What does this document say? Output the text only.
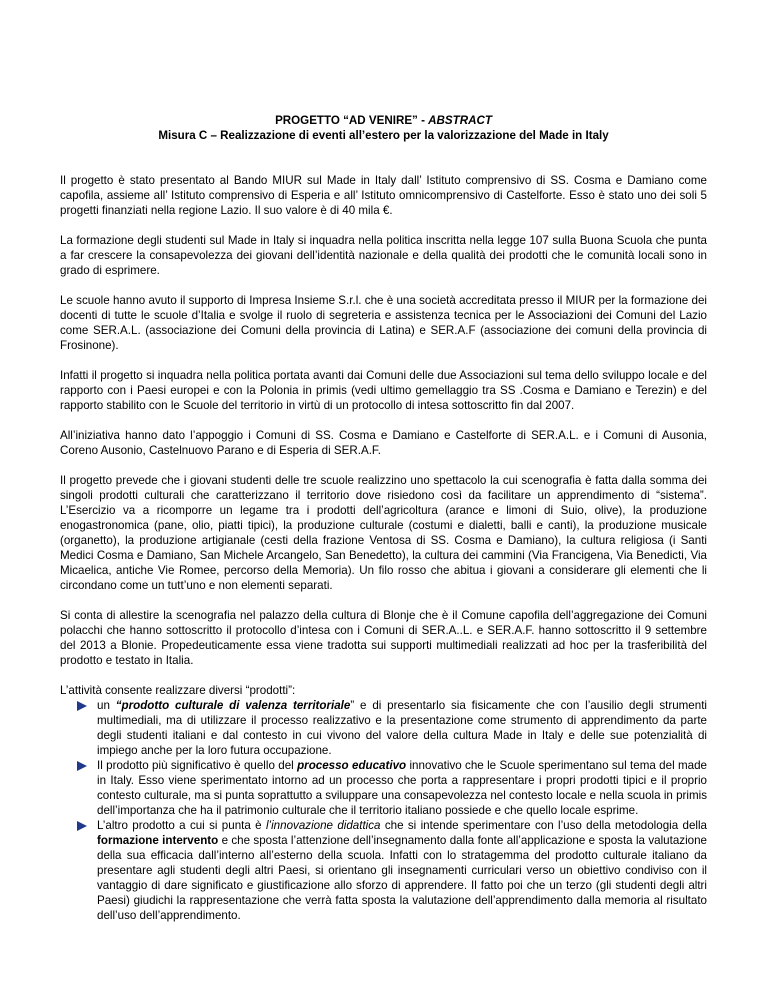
PROGETTO “AD VENIRE” - ABSTRACT

Misura C – Realizzazione di eventi all’estero per la valorizzazione del Made in Italy

Il progetto è stato presentato al Bando MIUR sul Made in Italy dall’ Istituto comprensivo di SS. Cosma e Damiano come capofila, assieme all’ Istituto comprensivo di Esperia e all’ Istituto omnicomprensivo di Castelforte. Esso è stato uno dei soli 5 progetti finanziati nella regione Lazio. Il suo valore è di 40 mila €.

La formazione degli studenti sul Made in Italy si inquadra nella politica inscritta nella legge 107 sulla Buona Scuola che punta a far crescere la consapevolezza dei giovani dell’identità nazionale e della qualità dei prodotti che le comunità locali sono in grado di esprimere.

Le scuole hanno avuto il supporto di Impresa Insieme S.r.l. che è una società accreditata presso il MIUR per la formazione dei docenti di tutte le scuole d’Italia e svolge il ruolo di segreteria e assistenza tecnica per le Associazioni dei Comuni del Lazio come SER.A.L. (associazione dei Comuni della provincia di Latina) e SER.A.F (associazione dei comuni della provincia di Frosinone).

Infatti il progetto si inquadra nella politica portata avanti dai Comuni delle due Associazioni sul tema dello sviluppo locale e del rapporto con i Paesi europei e con la Polonia in primis (vedi ultimo gemellaggio tra SS .Cosma e Damiano e Terezin) e del rapporto stabilito con le Scuole del territorio in virtù di un protocollo di intesa sottoscritto fin dal 2007.

All’iniziativa hanno dato l’appoggio i Comuni di SS. Cosma e Damiano e Castelforte di SER.A.L. e i Comuni di Ausonia, Coreno Ausonio, Castelnuovo Parano e di Esperia di SER.A.F.

Il progetto prevede che i giovani studenti delle tre scuole realizzino uno spettacolo la cui scenografia è fatta dalla somma dei singoli prodotti culturali che caratterizzano il territorio dove risiedono così da facilitare un apprendimento di “sistema”. L’Esercizio va a ricomporre un legame tra i prodotti dell’agricoltura (arance e limoni di Suio, olive), la produzione enogastronomica (pane, olio, piatti tipici), la produzione culturale (costumi e dialetti, balli e canti), la produzione musicale (organetto), la produzione artigianale (cesti della frazione Ventosa di SS. Cosma e Damiano), la cultura religiosa (i Santi Medici Cosma e Damiano, San Michele Arcangelo, San Benedetto), la cultura dei cammini (Via Francigena, Via Benedicti, Via Micaelica, antiche Vie Romee, percorso della Memoria). Un filo rosso che abitua i giovani a considerare gli elementi che li circondano come un tutt’uno e non elementi separati.

Si conta di allestire la scenografia nel palazzo della cultura di Blonje che è il Comune capofila dell’aggregazione dei Comuni polacchi che hanno sottoscritto il protocollo d’intesa con i Comuni di SER.A..L. e SER.A.F. hanno sottoscritto il 9 settembre del 2013 a Blonie. Propedeuticamente essa viene tradotta sui supporti multimediali realizzati ad hoc per la trasferibilità del prodotto e testato in Italia.

L’attività consente realizzare diversi “prodotti”:

un “prodotto culturale di valenza territoriale” e di presentarlo sia fisicamente che con l’ausilio degli strumenti multimediali, ma di utilizzare il processo realizzativo e la presentazione come strumento di apprendimento da parte degli studenti italiani e dal contesto in cui vivono del valore della cultura Made in Italy e delle sue potenzialità di impiego anche per la loro futura occupazione.
Il prodotto più significativo è quello del processo educativo innovativo che le Scuole sperimentano sul tema del made in Italy. Esso viene sperimentato intorno ad un processo che porta a rappresentare i propri prodotti tipici e il proprio contesto culturale, ma si punta soprattutto a sviluppare una consapevolezza nel contesto locale e nella scuola in primis dell’importanza che ha il patrimonio culturale che il territorio italiano possiede e che quello locale esprime.
L’altro prodotto a cui si punta è l’innovazione didattica che si intende sperimentare con l’uso della metodologia della formazione intervento e che sposta l’attenzione dell’insegnamento dalla fonte all’applicazione e sposta la valutazione della sua efficacia dall’interno all’esterno della scuola. Infatti con lo stratagemma del prodotto culturale italiano da presentare agli studenti degli altri Paesi, si orientano gli insegnamenti curriculari verso un obiettivo condiviso con il vantaggio di dare significato e giustificazione allo sforzo di apprendere. Il fatto poi che un terzo (gli studenti degli altri Paesi) giudichi la rappresentazione che verrà fatta sposta la valutazione dell’apprendimento dalla memoria al risultato dell’uso dell’apprendimento.
